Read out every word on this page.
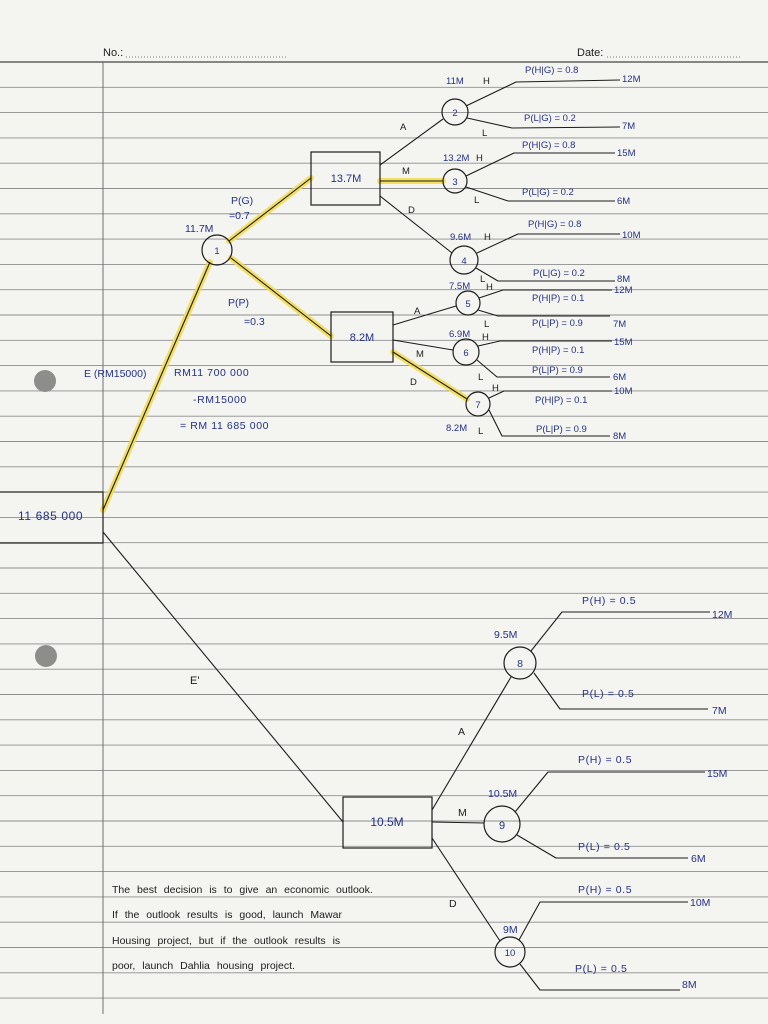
No.:	Date:
11 685 000
E (RM15000)	RM11 700 000
-RM15000
= RM 11 685 000
E'
1
11.7M
P(G)
=0.7
P(P)
=0.3
13.7M
A
M
D
8.2M
A
M
D
10.5M
A
M
D
2
11M H
P(H|G) = 0.8
12M
L
P(L|G) = 0.2
7M
3
13.2M H
P(H|G) = 0.8
15M
L
P(L|G) = 0.2
6M
4
9.6M H
P(H|G) = 0.8
10M
L
P(L|G) = 0.2
8M
5
7.5M H
P(H|P) = 0.1
12M
L	P(L|P) = 0.9	7M
6
6.9M H
P(H|P) = 0.1
15M
L
P(L|P) = 0.9
6M
7
8.2M
H
P(H|P) = 0.1
10M
L	P(L|P) = 0.9
8M
8
9.5M
P(H) = 0.5
12M
P(L) = 0.5
7M
9
10.5M
P(H) = 0.5
15M
P(L) = 0.5
6M
10
9M
P(H) = 0.5
10M
P(L) = 0.5
8M
The best decision is to give an economic outlook.
If the outlook results is good, launch Mawar
Housing project, but if the outlook results is
poor, launch Dahlia housing project.
